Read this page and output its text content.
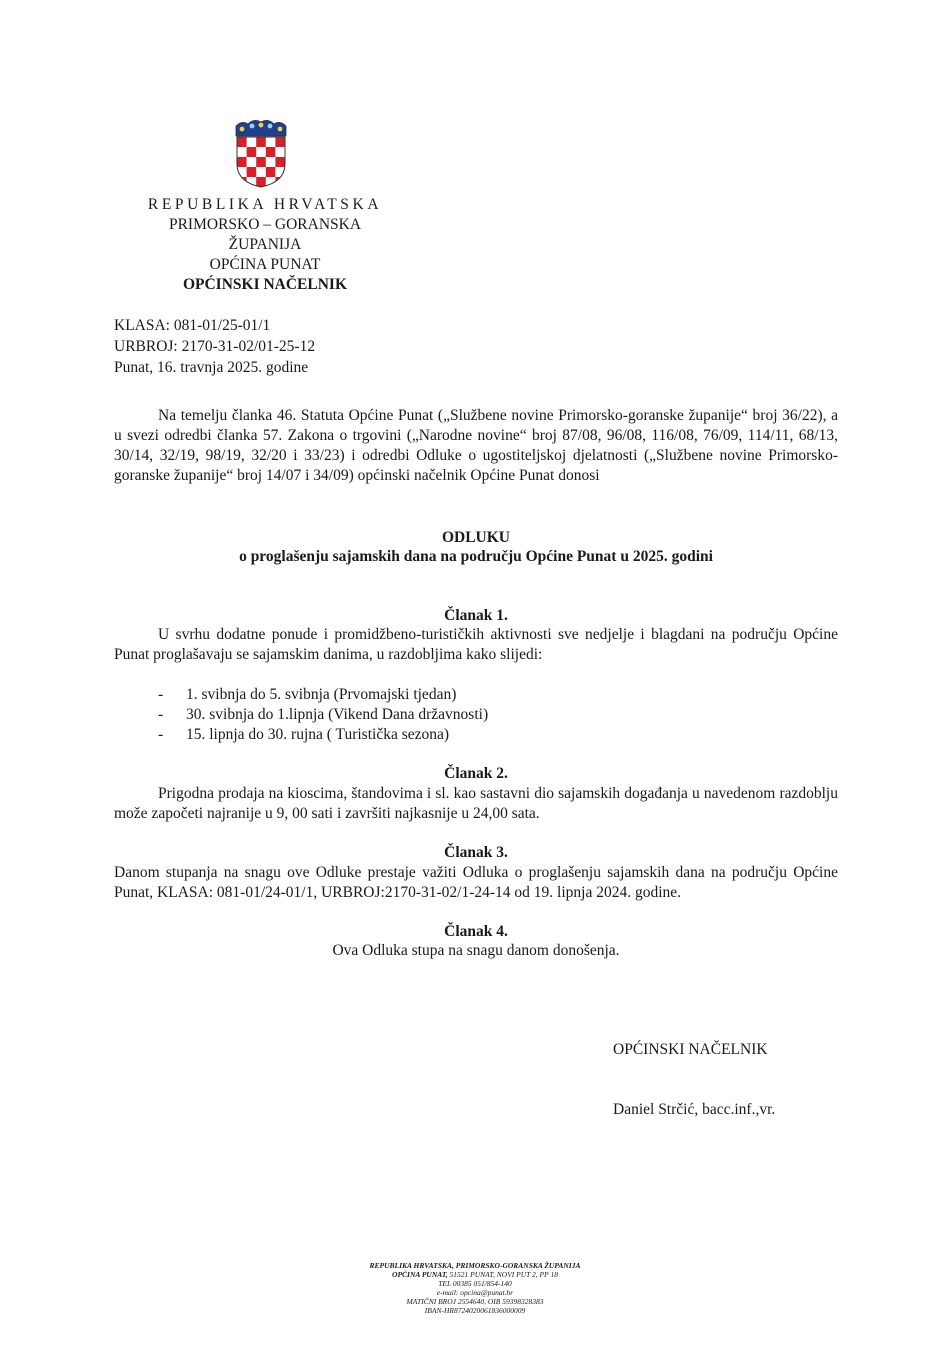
REPUBLIKA HRVATSKA
PRIMORSKO – GORANSKA
ŽUPANIJA
OPĆINA PUNAT
OPĆINSKI NAČELNIK
KLASA: 081-01/25-01/1
URBROJ: 2170-31-02/01-25-12
Punat, 16. travnja 2025. godine
Na temelju članka 46. Statuta Općine Punat („Službene novine Primorsko-goranske županije“ broj 36/22), a u svezi odredbi članka 57. Zakona o trgovini („Narodne novine“ broj 87/08, 96/08, 116/08, 76/09, 114/11, 68/13, 30/14, 32/19, 98/19, 32/20 i 33/23) i odredbi Odluke o ugostiteljskoj djelatnosti („Službene novine Primorsko-goranske županije“ broj 14/07 i 34/09) općinski načelnik Općine Punat donosi
ODLUKU
o proglašenju sajamskih dana na području Općine Punat u 2025. godini
Članak 1.
U svrhu dodatne ponude i promidžbeno-turističkih aktivnosti sve nedjelje i blagdani na području Općine Punat proglašavaju se sajamskim danima, u razdobljima kako slijedi:
- 1. svibnja do 5. svibnja (Prvomajski tjedan)
- 30. svibnja do 1.lipnja (Vikend Dana državnosti)
- 15. lipnja do 30. rujna ( Turistička sezona)
Članak 2.
Prigodna prodaja na kioscima, štandovima i sl. kao sastavni dio sajamskih događanja u navedenom razdoblju može započeti najranije u 9, 00 sati i završiti najkasnije u 24,00 sata.
Članak 3.
Danom stupanja na snagu ove Odluke prestaje važiti Odluka o proglašenju sajamskih dana na području Općine Punat, KLASA: 081-01/24-01/1, URBROJ:2170-31-02/1-24-14 od 19. lipnja 2024. godine.
Članak 4.
Ova Odluka stupa na snagu danom donošenja.
OPĆINSKI NAČELNIK
Daniel Strčić, bacc.inf.,vr.
REPUBLIKA HRVATSKA, PRIMORSKO-GORANSKA ŽUPANIJA
OPĆINA PUNAT, 51521 PUNAT, NOVI PUT 2, PP 18
TEL 00385 051/854-140
e-mail: opcina@punat.hr
MATIČNI BROJ 2554640, OIB 59398328383
IBAN-HR8724020061836000009
